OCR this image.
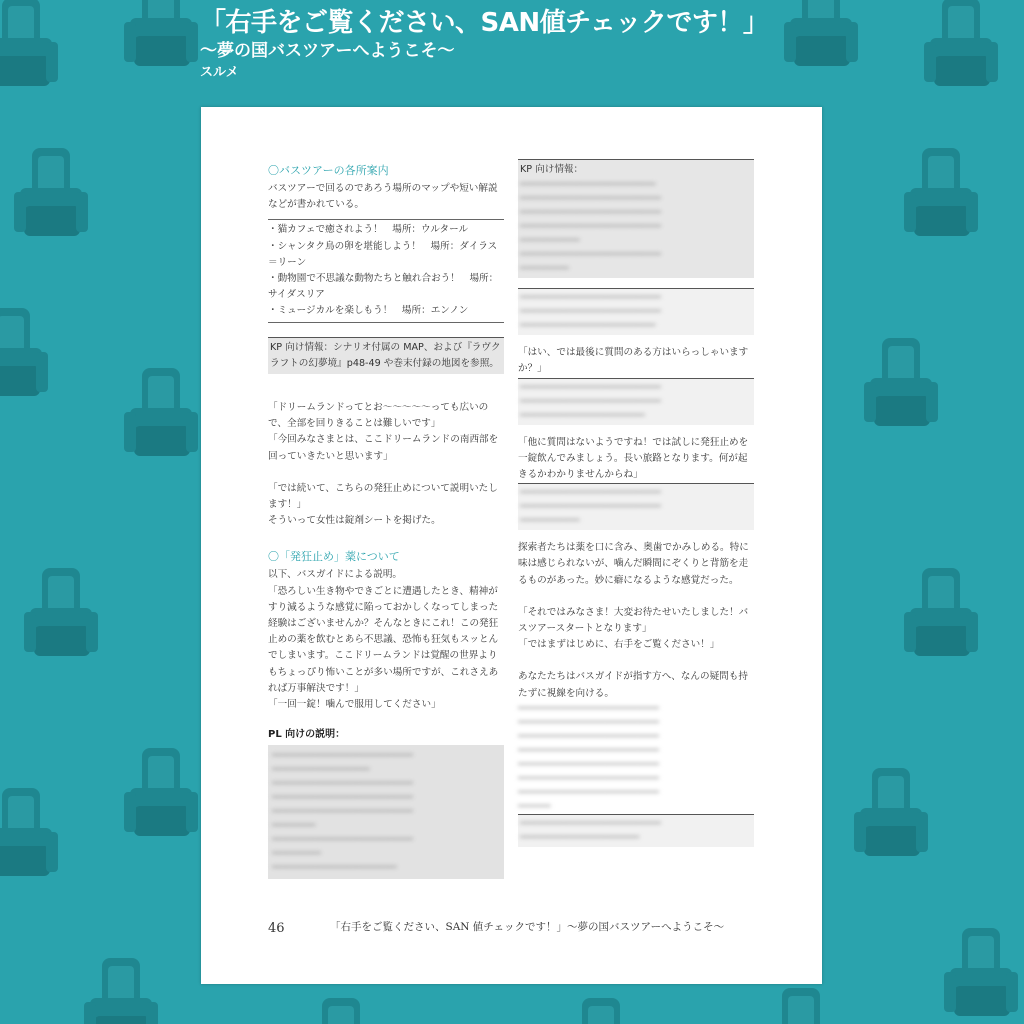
「右手をご覧ください、SAN値チェックです！」
〜夢の国バスツアーへようこそ〜
スルメ
〇バスツアーの各所案内

バスツアーで回るのであろう場所のマップや短い解説などが書かれている。

・猫カフェで癒されよう！　場所：ウルタール

・シャンタク鳥の卵を堪能しよう！　場所：ダイラス＝リーン

・動物園で不思議な動物たちと触れ合おう！　場所：サイダスリア

・ミュージカルを楽しもう！　場所：エンノン

KP 向け情報：シナリオ付属の MAP、および『ラヴクラフトの幻夢境』p48-49 や巻末付録の地図を参照。

「ドリームランドってとお〜〜〜〜〜っても広いので、全部を回りきることは難しいです」

「今回みなさまとは、ここドリームランドの南西部を回っていきたいと思います」

「では続いて、こちらの発狂止めについて説明いたします！」

そういって女性は錠剤シートを掲げた。

〇「発狂止め」薬について

以下、バスガイドによる説明。

「恐ろしい生き物やできごとに遭遇したとき、精神がすり減るような感覚に陥っておかしくなってしまった経験はございませんか？そんなときにこれ！この発狂止めの薬を飲むとあら不思議、恐怖も狂気もスッとんでしまいます。ここドリームランドは覚醒の世界よりもちょっぴり怖いことが多い場所ですが、これさえあれば万事解決です！」

「一回一錠！噛んで服用してください」

PL 向けの説明：
━━━━━━━━━━━━━━━━━━━━━━━━━━
━━━━━━━━━━━━━━━━━━
━━━━━━━━━━━━━━━━━━━━━━━━━━
━━━━━━━━━━━━━━━━━━━━━━━━━━
━━━━━━━━━━━━━━━━━━━━━━━━━━
━━━━━━━━
━━━━━━━━━━━━━━━━━━━━━━━━━━
━━━━━━━━━
━━━━━━━━━━━━━━━━━━━━━━━
KP 向け情報：
━━━━━━━━━━━━━━━━━━━━━━━━━
━━━━━━━━━━━━━━━━━━━━━━━━━━
━━━━━━━━━━━━━━━━━━━━━━━━━━
━━━━━━━━━━━━━━━━━━━━━━━━━━
━━━━━━━━━━━
━━━━━━━━━━━━━━━━━━━━━━━━━━
━━━━━━━━━
━━━━━━━━━━━━━━━━━━━━━━━━━━
━━━━━━━━━━━━━━━━━━━━━━━━━━
━━━━━━━━━━━━━━━━━━━━━━━━━

「はい、では最後に質問のある方はいらっしゃいますか？」

━━━━━━━━━━━━━━━━━━━━━━━━━━
━━━━━━━━━━━━━━━━━━━━━━━━━━
━━━━━━━━━━━━━━━━━━━━━━━

「他に質問はないようですね！では試しに発狂止めを一錠飲んでみましょう。長い旅路となります。何が起きるかわかりませんからね」

━━━━━━━━━━━━━━━━━━━━━━━━━━
━━━━━━━━━━━━━━━━━━━━━━━━━━
━━━━━━━━━━━

探索者たちは薬を口に含み、奥歯でかみしめる。特に味は感じられないが、噛んだ瞬間にぞくりと背筋を走るものがあった。妙に癖になるような感覚だった。

「それではみなさま！大変お待たせいたしました！バスツアースタートとなります」

「ではまずはじめに、右手をご覧ください！」

あなたたちはバスガイドが指す方へ、なんの疑問も持たずに視線を向ける。

━━━━━━━━━━━━━━━━━━━━━━━━━━
━━━━━━━━━━━━━━━━━━━━━━━━━━
━━━━━━━━━━━━━━━━━━━━━━━━━━
━━━━━━━━━━━━━━━━━━━━━━━━━━
━━━━━━━━━━━━━━━━━━━━━━━━━━
━━━━━━━━━━━━━━━━━━━━━━━━━━
━━━━━━━━━━━━━━━━━━━━━━━━━━
━━━━━━
━━━━━━━━━━━━━━━━━━━━━━━━━━
━━━━━━━━━━━━━━━━━━━━━━
46	「右手をご覧ください、SAN 値チェックです！」〜夢の国バスツアーへようこそ〜
